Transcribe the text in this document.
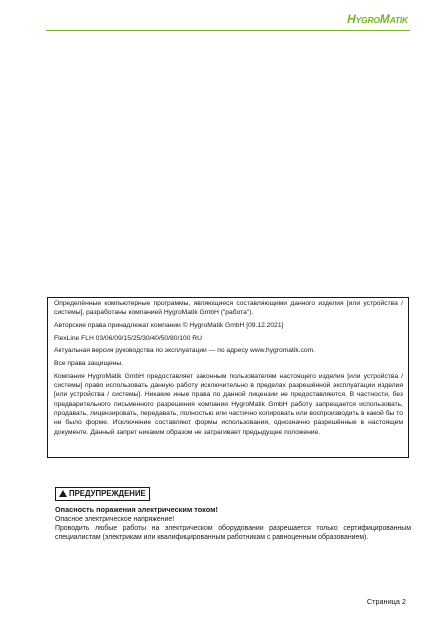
HYGROMATIK

Определённые компьютерные программы, являющиеся составляющими данного изделия [или устройства / системы], разработаны компанией HygroMatik GmbH ("работа").

Авторские права принадлежат компании © HygroMatik GmbH [09.12.2021]

FlexLine FLH 03/06/09/15/25/30/40/50/80/100 RU

Актуальная версия руководства по эксплуатации — по адресу www.hygromatik.com.

Все права защищены.

Компания HygroMatik GmbH предоставляет законным пользователям настоящего изделия [или устройства / системы] право использовать данную работу исключительно в пределах разрешённой эксплуатации изделия [или устройства / системы]. Никакие иные права по данной лицензии не предоставляются. В частности, без предварительного письменного разрешения компании HygroMatik GmbH работу запрещается использовать, продавать, лицензировать, передавать, полностью или частично копировать или воспроизводить в какой бы то ни было форме. Исключение составляют формы использования, однозначно разрешённые в настоящем документе. Данный запрет никаким образом не затрагивает предыдущее положение.

ПРЕДУПРЕЖДЕНИЕ
Опасность поражения электрическим током!

Опасное электрическое напряжение!

Проводить любые работы на электрическом оборудовании разрешается только сертифицированным специалистам (электрикам или квалифицированным работникам с равноценным образованием).

Страница 2
